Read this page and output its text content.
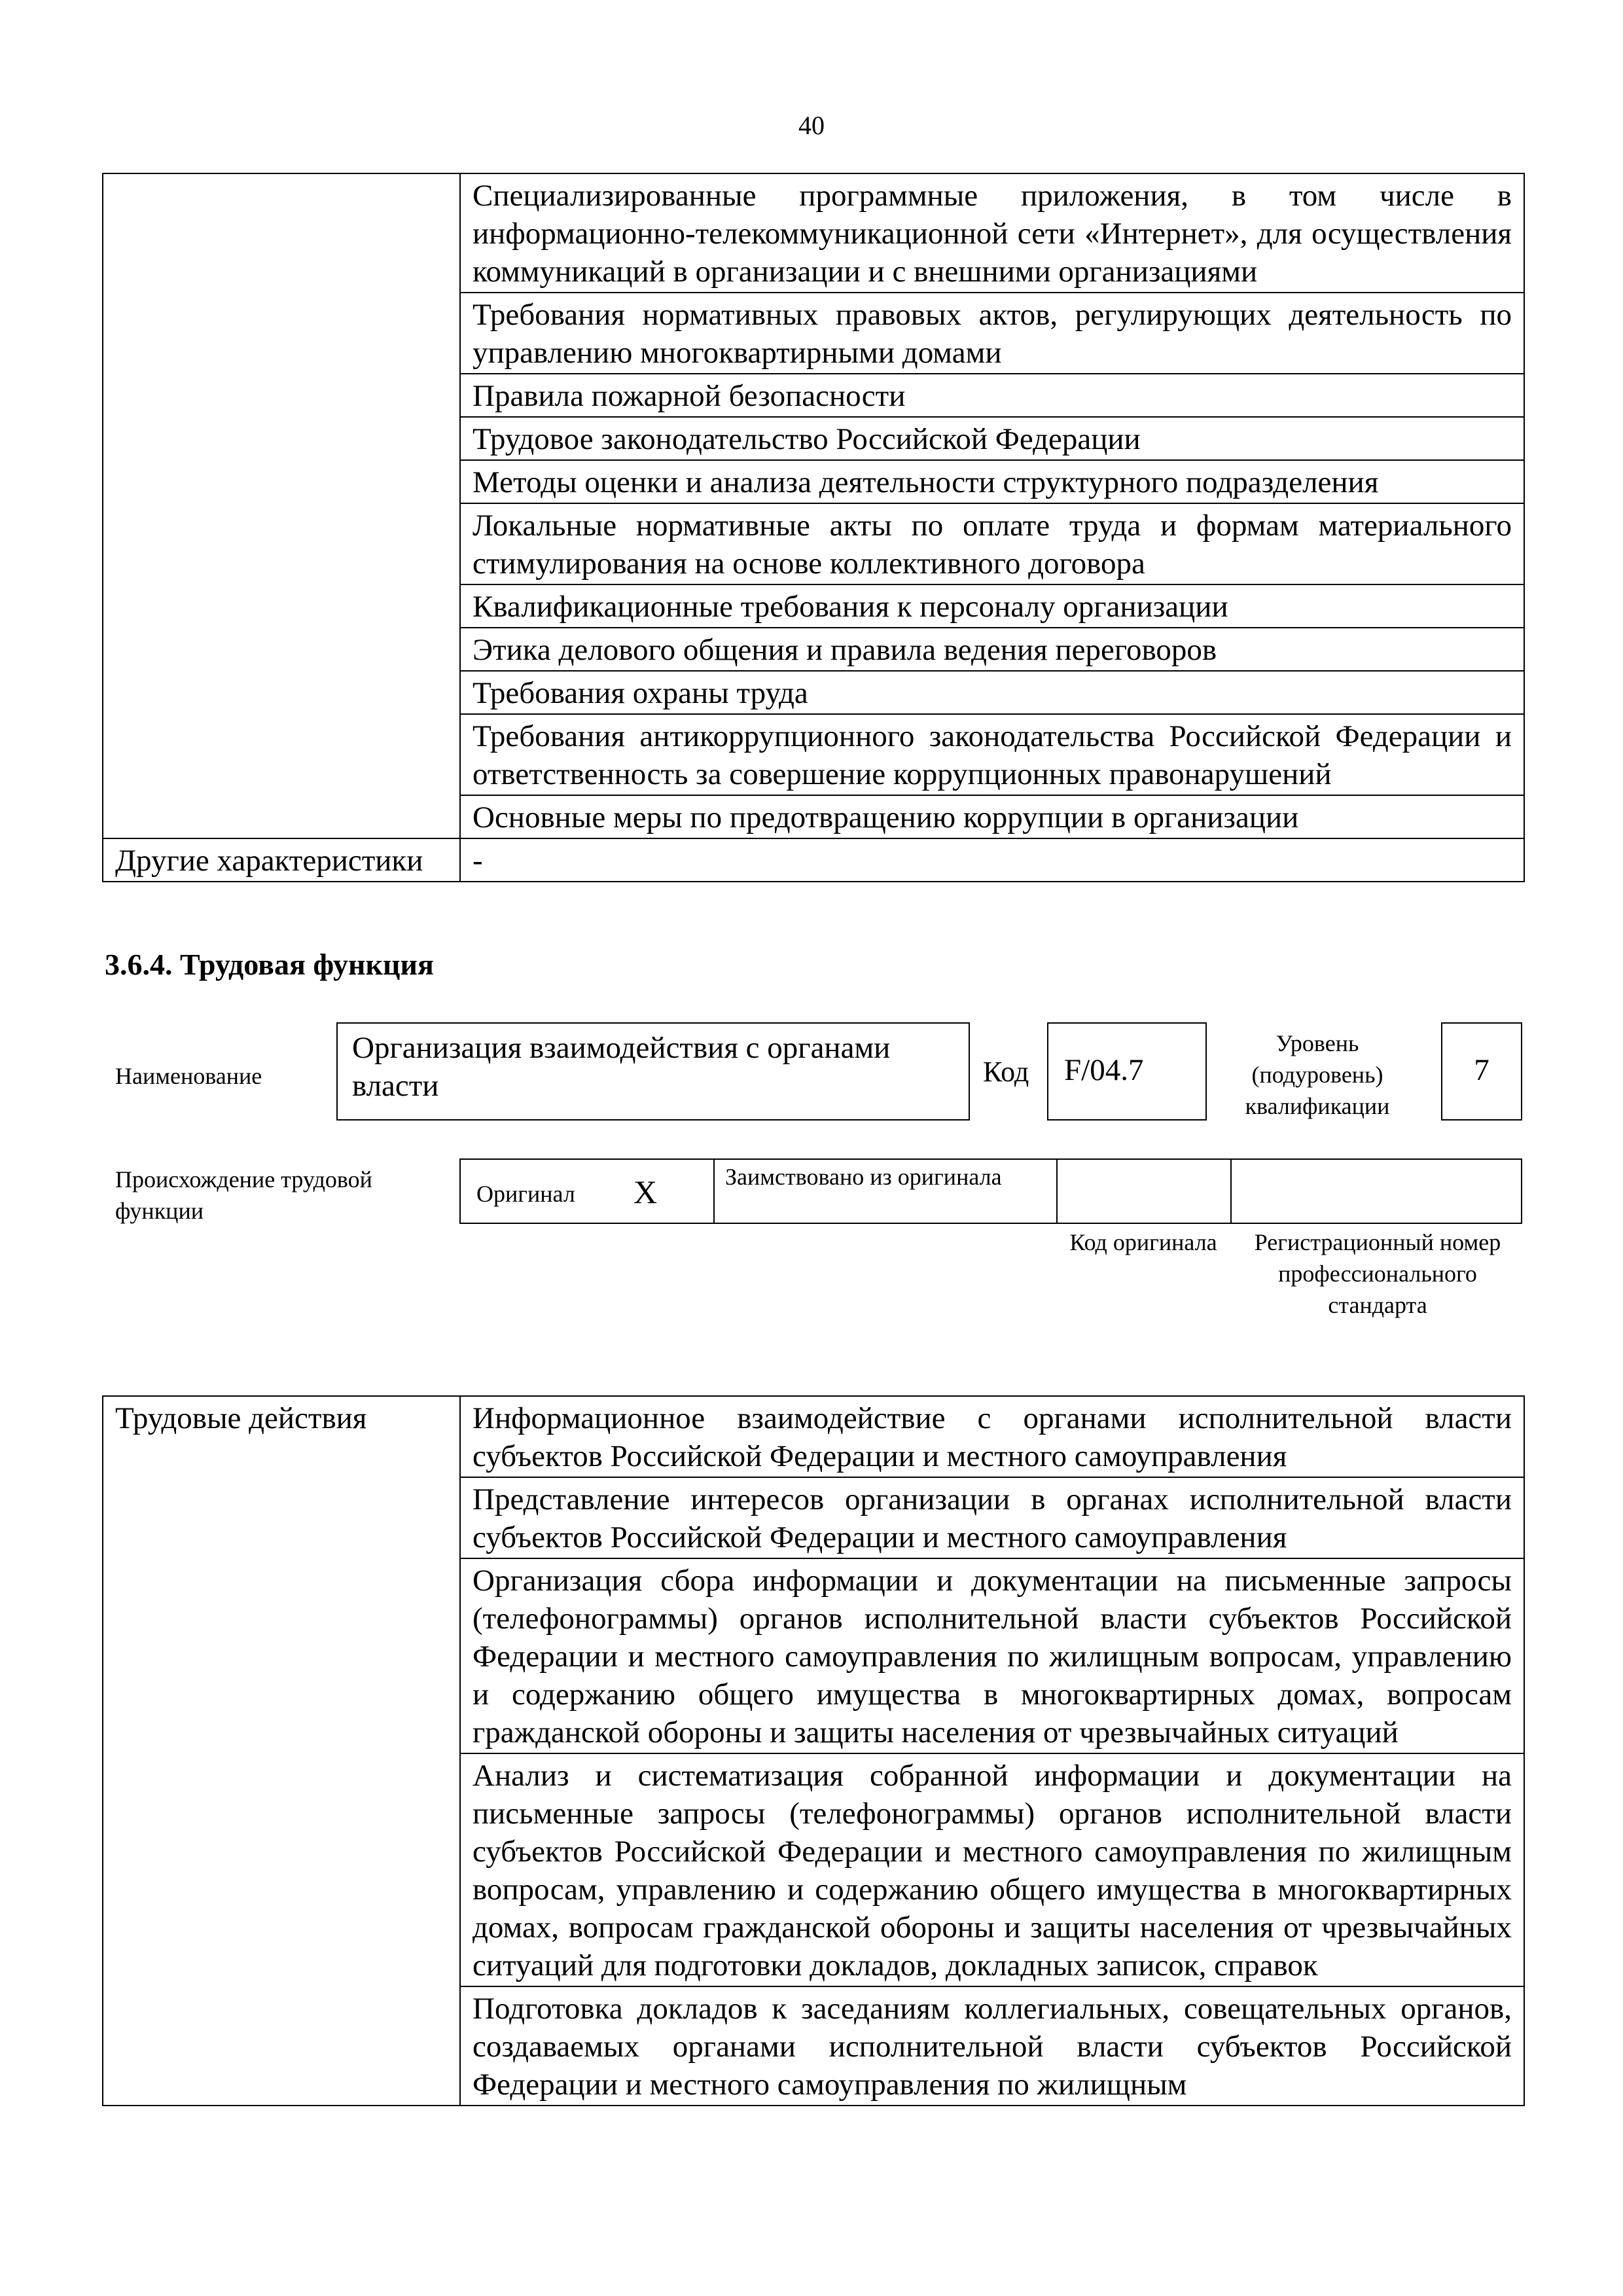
40
	Специализированные программные приложения, в том числе в информационно-телекоммуникационной сети «Интернет», для осуществления коммуникаций в организации и с внешними организациями
	Требования нормативных правовых актов, регулирующих деятельность по управлению многоквартирными домами
	Правила пожарной безопасности
	Трудовое законодательство Российской Федерации
	Методы оценки и анализа деятельности структурного подразделения
	Локальные нормативные акты по оплате труда и формам материального стимулирования на основе коллективного договора
	Квалификационные требования к персоналу организации
	Этика делового общения и правила ведения переговоров
	Требования охраны труда
	Требования антикоррупционного законодательства Российской Федерации и ответственность за совершение коррупционных правонарушений
	Основные меры по предотвращению коррупции в организации
Другие характеристики	-
3.6.4. Трудовая функция
Наименование
Организация взаимодействия с органами власти	Код F/04.7
Уровень (подуровень) квалификации
7
Происхождение трудовой функции
Оригинал X	Заимствовано из оригинала
Код оригинала	Регистрационный номер профессионального стандарта
Трудовые действия	Информационное взаимодействие с органами исполнительной власти субъектов Российской Федерации и местного самоуправления
Представление интересов организации в органах исполнительной власти субъектов Российской Федерации и местного самоуправления
Организация сбора информации и документации на письменные запросы (телефонограммы) органов исполнительной власти субъектов Российской Федерации и местного самоуправления по жилищным вопросам, управлению и содержанию общего имущества в многоквартирных домах, вопросам гражданской обороны и защиты населения от чрезвычайных ситуаций
Анализ и систематизация собранной информации и документации на письменные запросы (телефонограммы) органов исполнительной власти субъектов Российской Федерации и местного самоуправления по жилищным вопросам, управлению и содержанию общего имущества в многоквартирных домах, вопросам гражданской обороны и защиты населения от чрезвычайных ситуаций для подготовки докладов, докладных записок, справок
Подготовка докладов к заседаниям коллегиальных, совещательных органов, создаваемых органами исполнительной власти субъектов Российской Федерации и местного самоуправления по жилищным
